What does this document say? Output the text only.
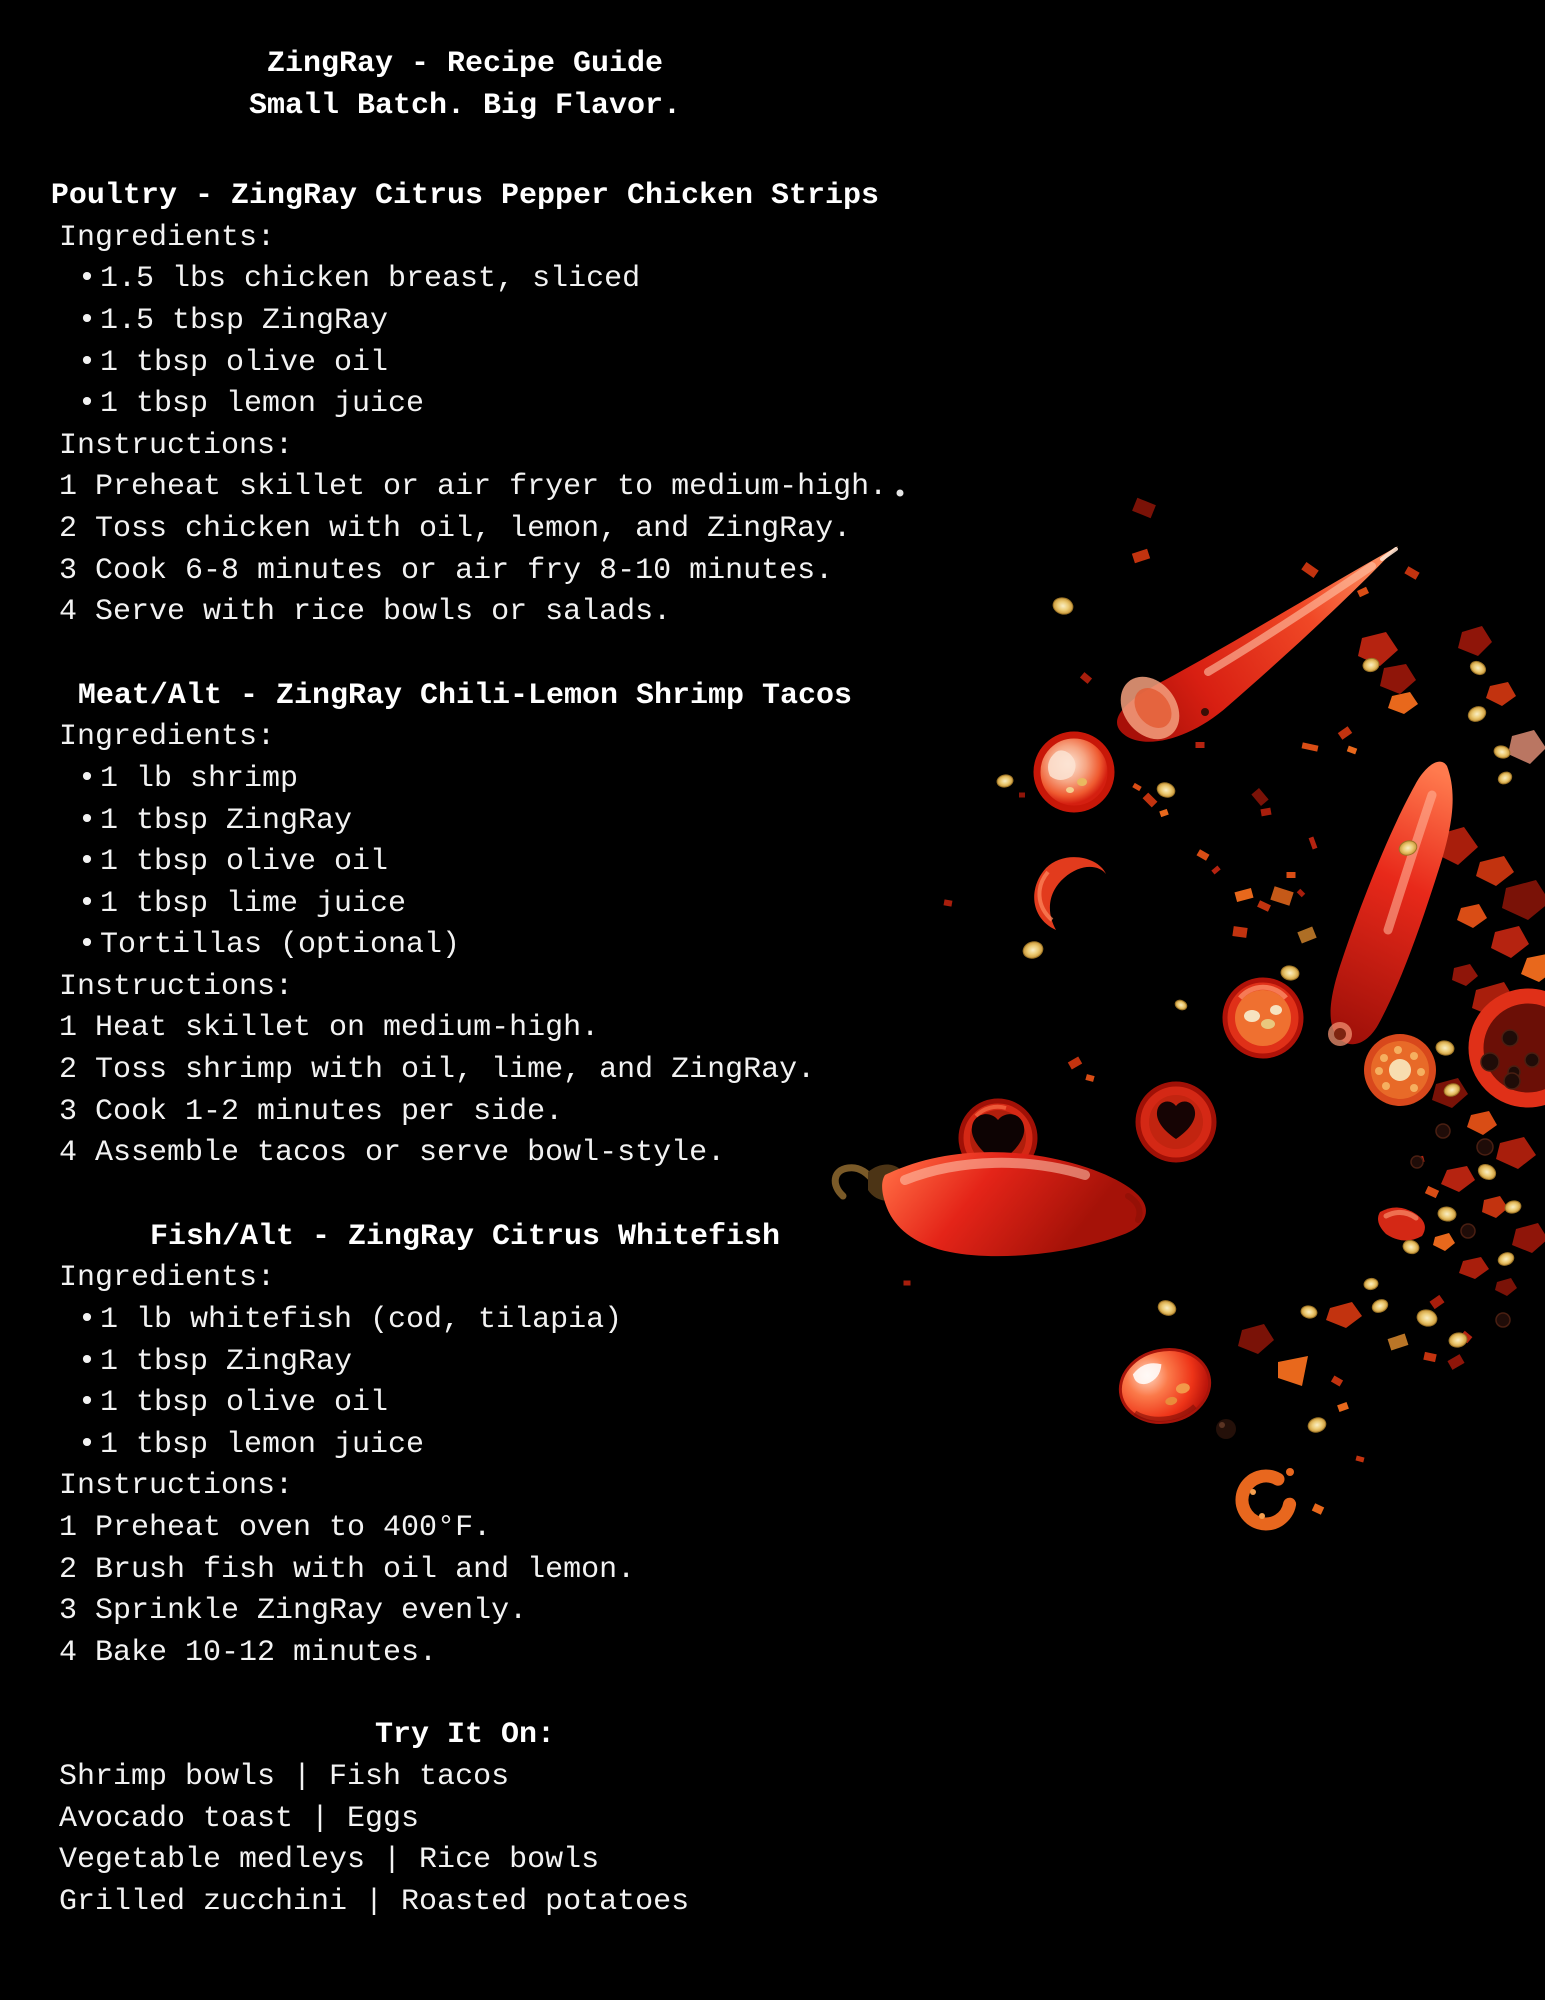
ZingRay - Recipe Guide
Small Batch. Big Flavor.
Poultry - ZingRay Citrus Pepper Chicken Strips
Ingredients:
• 1.5 lbs chicken breast, sliced
• 1.5 tbsp ZingRay
• 1 tbsp olive oil
• 1 tbsp lemon juice
Instructions:
1 Preheat skillet or air fryer to medium-high.
2 Toss chicken with oil, lemon, and ZingRay.
3 Cook 6-8 minutes or air fry 8-10 minutes.
4 Serve with rice bowls or salads.
Meat/Alt - ZingRay Chili-Lemon Shrimp Tacos
Ingredients:
• 1 lb shrimp
• 1 tbsp ZingRay
• 1 tbsp olive oil
• 1 tbsp lime juice
• Tortillas (optional)
Instructions:
1 Heat skillet on medium-high.
2 Toss shrimp with oil, lime, and ZingRay.
3 Cook 1-2 minutes per side.
4 Assemble tacos or serve bowl-style.
Fish/Alt - ZingRay Citrus Whitefish
Ingredients:
• 1 lb whitefish (cod, tilapia)
• 1 tbsp ZingRay
• 1 tbsp olive oil
• 1 tbsp lemon juice
Instructions:
1 Preheat oven to 400°F.
2 Brush fish with oil and lemon.
3 Sprinkle ZingRay evenly.
4 Bake 10-12 minutes.
Try It On:
Shrimp bowls | Fish tacos
Avocado toast | Eggs
Vegetable medleys | Rice bowls
Grilled zucchini | Roasted potatoes
